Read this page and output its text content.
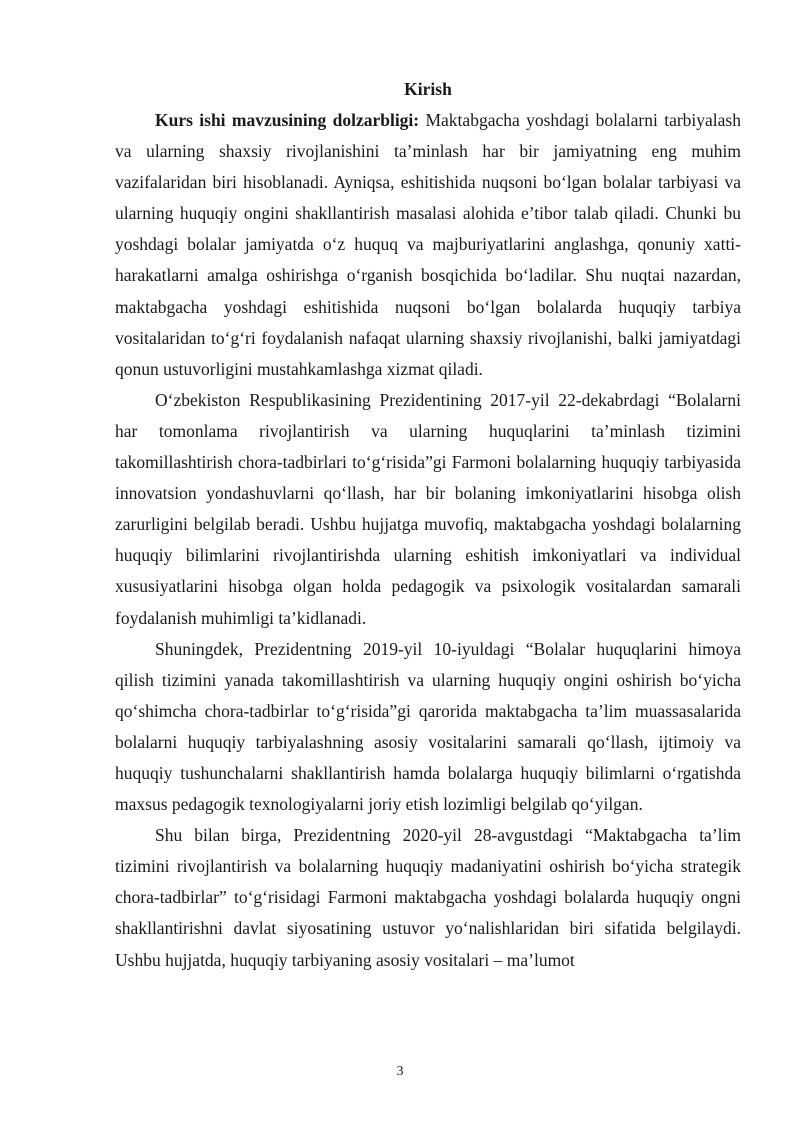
Kirish

Kurs ishi mavzusining dolzarbligi: Maktabgacha yoshdagi bolalarni tarbiyalash va ularning shaxsiy rivojlanishini ta’minlash har bir jamiyatning eng muhim vazifalaridan biri hisoblanadi. Ayniqsa, eshitishida nuqsoni bo‘lgan bolalar tarbiyasi va ularning huquqiy ongini shakllantirish masalasi alohida e’tibor talab qiladi. Chunki bu yoshdagi bolalar jamiyatda o‘z huquq va majburiyatlarini anglashga, qonuniy xatti-harakatlarni amalga oshirishga o‘rganish bosqichida bo‘ladilar. Shu nuqtai nazardan, maktabgacha yoshdagi eshitishida nuqsoni bo‘lgan bolalarda huquqiy tarbiya vositalaridan to‘g‘ri foydalanish nafaqat ularning shaxsiy rivojlanishi, balki jamiyatdagi qonun ustuvorligini mustahkamlashga xizmat qiladi.

O‘zbekiston Respublikasining Prezidentining 2017-yil 22-dekabrdagi “Bolalarni har tomonlama rivojlantirish va ularning huquqlarini ta’minlash tizimini takomillashtirish chora-tadbirlari to‘g‘risida”gi Farmoni bolalarning huquqiy tarbiyasida innovatsion yondashuvlarni qo‘llash, har bir bolaning imkoniyatlarini hisobga olish zarurligini belgilab beradi. Ushbu hujjatga muvofiq, maktabgacha yoshdagi bolalarning huquqiy bilimlarini rivojlantirishda ularning eshitish imkoniyatlari va individual xususiyatlarini hisobga olgan holda pedagogik va psixologik vositalardan samarali foydalanish muhimligi ta’kidlanadi.

Shuningdek, Prezidentning 2019-yil 10-iyuldagi “Bolalar huquqlarini himoya qilish tizimini yanada takomillashtirish va ularning huquqiy ongini oshirish bo‘yicha qo‘shimcha chora-tadbirlar to‘g‘risida”gi qarorida maktabgacha ta’lim muassasalarida bolalarni huquqiy tarbiyalashning asosiy vositalarini samarali qo‘llash, ijtimoiy va huquqiy tushunchalarni shakllantirish hamda bolalarga huquqiy bilimlarni o‘rgatishda maxsus pedagogik texnologiyalarni joriy etish lozimligi belgilab qo‘yilgan.

Shu bilan birga, Prezidentning 2020-yil 28-avgustdagi “Maktabgacha ta’lim tizimini rivojlantirish va bolalarning huquqiy madaniyatini oshirish bo‘yicha strategik chora-tadbirlar” to‘g‘risidagi Farmoni maktabgacha yoshdagi bolalarda huquqiy ongni shakllantirishni davlat siyosatining ustuvor yo‘nalishlaridan biri sifatida belgilaydi. Ushbu hujjatda, huquqiy tarbiyaning asosiy vositalari – ma’lumot

3
